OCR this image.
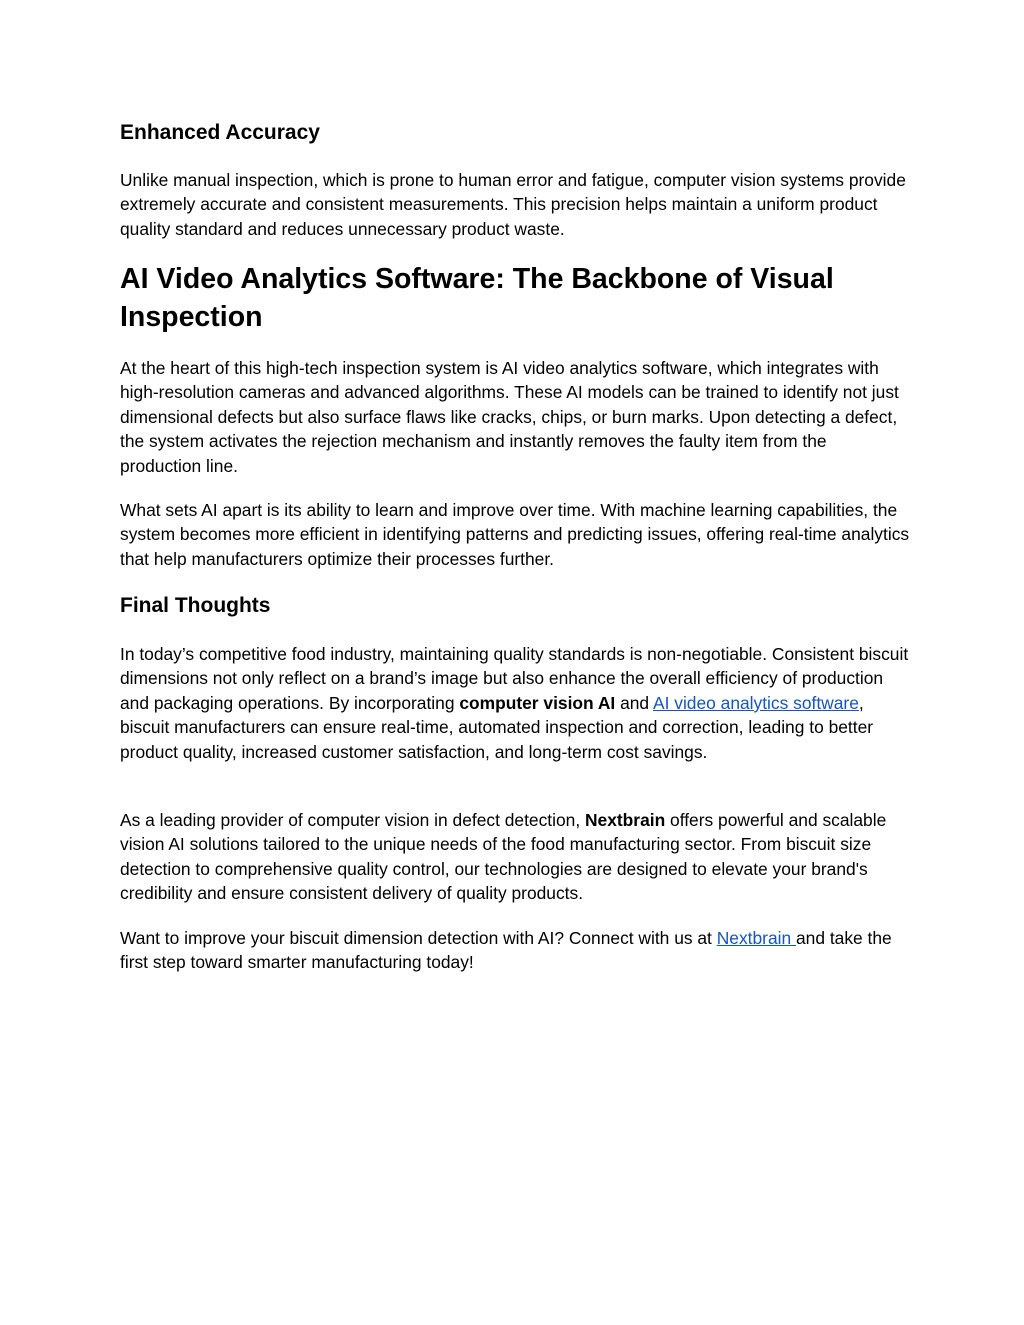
Enhanced Accuracy

Unlike manual inspection, which is prone to human error and fatigue, computer vision systems provide extremely accurate and consistent measurements. This precision helps maintain a uniform product quality standard and reduces unnecessary product waste.

AI Video Analytics Software: The Backbone of Visual Inspection

At the heart of this high-tech inspection system is AI video analytics software, which integrates with high-resolution cameras and advanced algorithms. These AI models can be trained to identify not just dimensional defects but also surface flaws like cracks, chips, or burn marks. Upon detecting a defect, the system activates the rejection mechanism and instantly removes the faulty item from the production line.

What sets AI apart is its ability to learn and improve over time. With machine learning capabilities, the system becomes more efficient in identifying patterns and predicting issues, offering real-time analytics that help manufacturers optimize their processes further.

Final Thoughts

In today’s competitive food industry, maintaining quality standards is non-negotiable. Consistent biscuit dimensions not only reflect on a brand’s image but also enhance the overall efficiency of production and packaging operations. By incorporating computer vision AI and AI video analytics software, biscuit manufacturers can ensure real-time, automated inspection and correction, leading to better product quality, increased customer satisfaction, and long-term cost savings.

As a leading provider of computer vision in defect detection, Nextbrain offers powerful and scalable vision AI solutions tailored to the unique needs of the food manufacturing sector. From biscuit size detection to comprehensive quality control, our technologies are designed to elevate your brand's credibility and ensure consistent delivery of quality products.

Want to improve your biscuit dimension detection with AI? Connect with us at Nextbrain and take the first step toward smarter manufacturing today!
